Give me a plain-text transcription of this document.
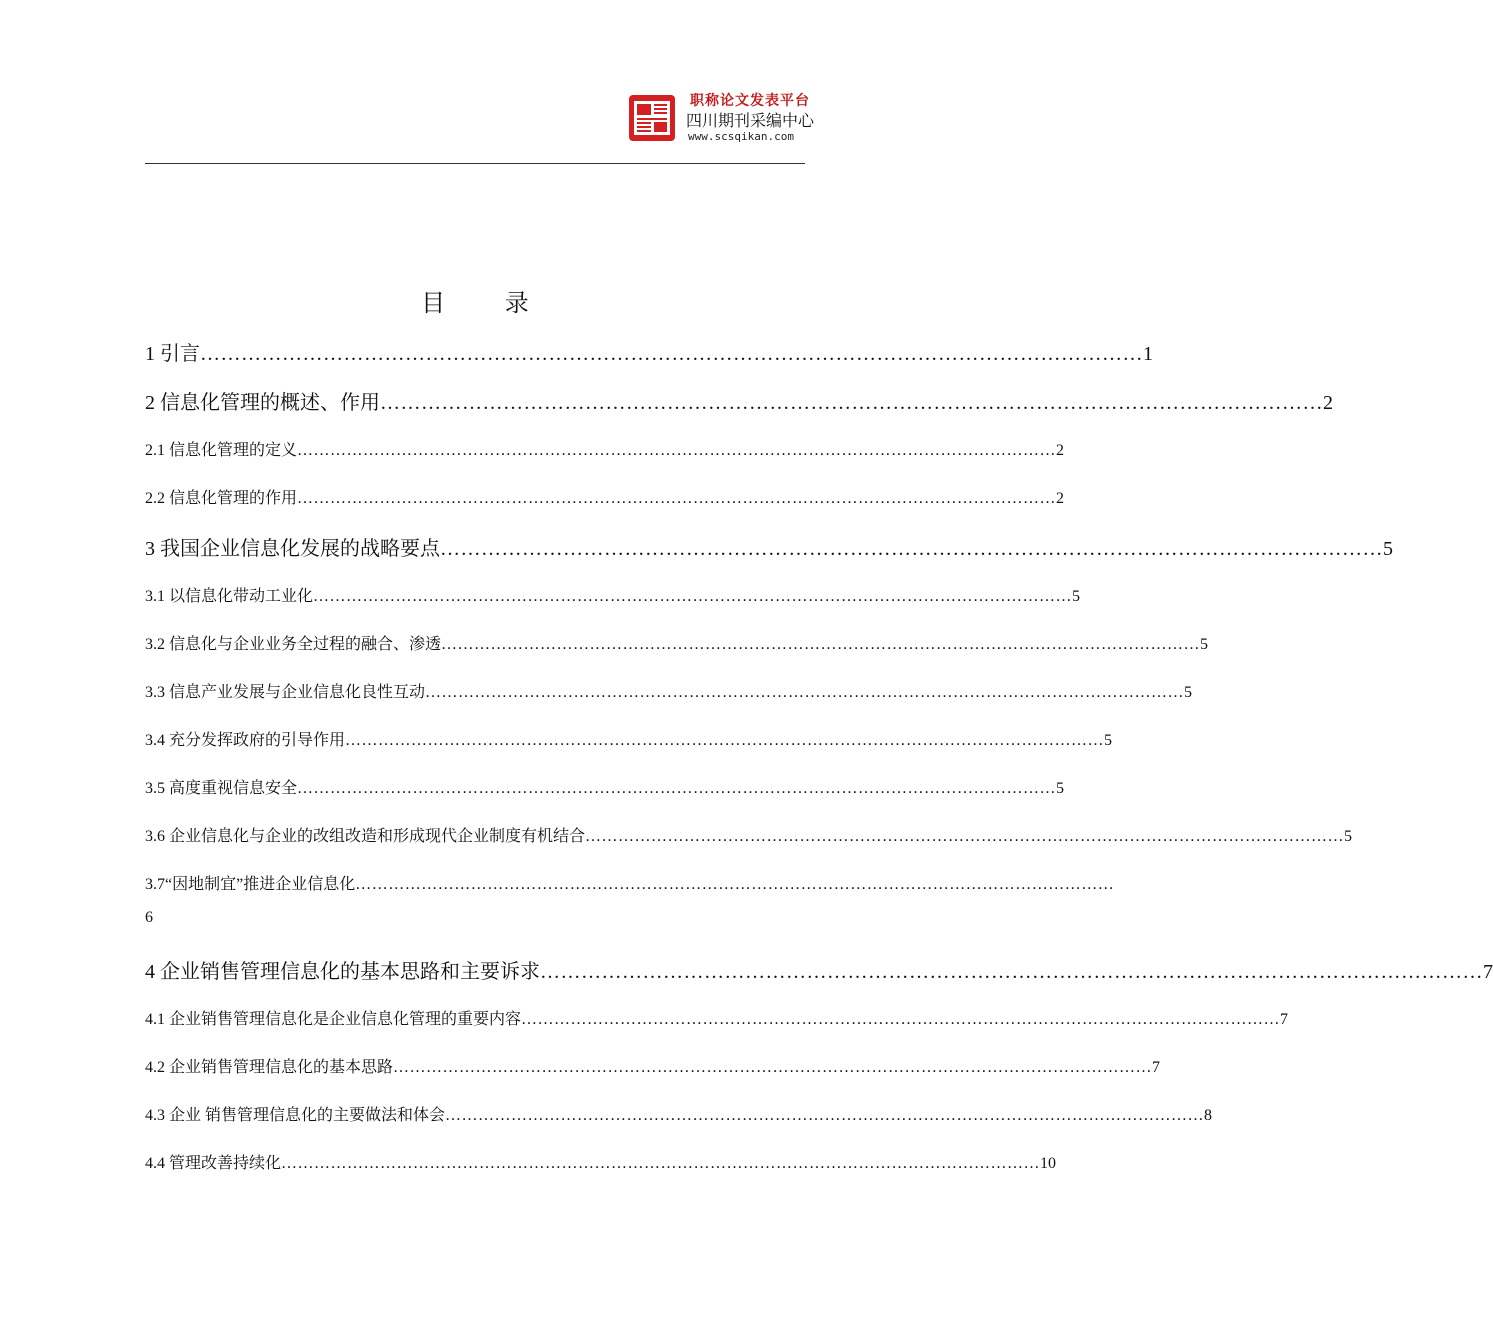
职称论文发表平台
四川期刊采编中心
www.scsqikan.com
目 录
1 引言 ………………………………………………………………………………………………………………………… 1
2 信息化管理的概述、作用 ………………………………………………………………………………………………………………………… 2
2.1 信息化管理的定义 ………………………………………………………………………………………………………………………… 2
2.2 信息化管理的作用 ………………………………………………………………………………………………………………………… 2
3 我国企业信息化发展的战略要点 ………………………………………………………………………………………………………………………… 5
3.1 以信息化带动工业化 ………………………………………………………………………………………………………………………… 5
3.2 信息化与企业业务全过程的融合、渗透 ………………………………………………………………………………………………………………………… 5
3.3 信息产业发展与企业信息化良性互动 ………………………………………………………………………………………………………………………… 5
3.4 充分发挥政府的引导作用 ………………………………………………………………………………………………………………………… 5
3.5 高度重视信息安全 ………………………………………………………………………………………………………………………… 5
3.6 企业信息化与企业的改组改造和形成现代企业制度有机结合 ………………………………………………………………………………………………………………………… 5
3.7“因地制宜”推进企业信息化 …………………………………………………………………………………………………………………………
6
4 企业销售管理信息化的基本思路和主要诉求 ………………………………………………………………………………………………………………………… 7
4.1 企业销售管理信息化是企业信息化管理的重要内容 ………………………………………………………………………………………………………………………… 7
4.2 企业销售管理信息化的基本思路 ………………………………………………………………………………………………………………………… 7
4.3 企业 销售管理信息化的主要做法和体会 ………………………………………………………………………………………………………………………… 8
4.4 管理改善持续化 ………………………………………………………………………………………………………………………… 10
